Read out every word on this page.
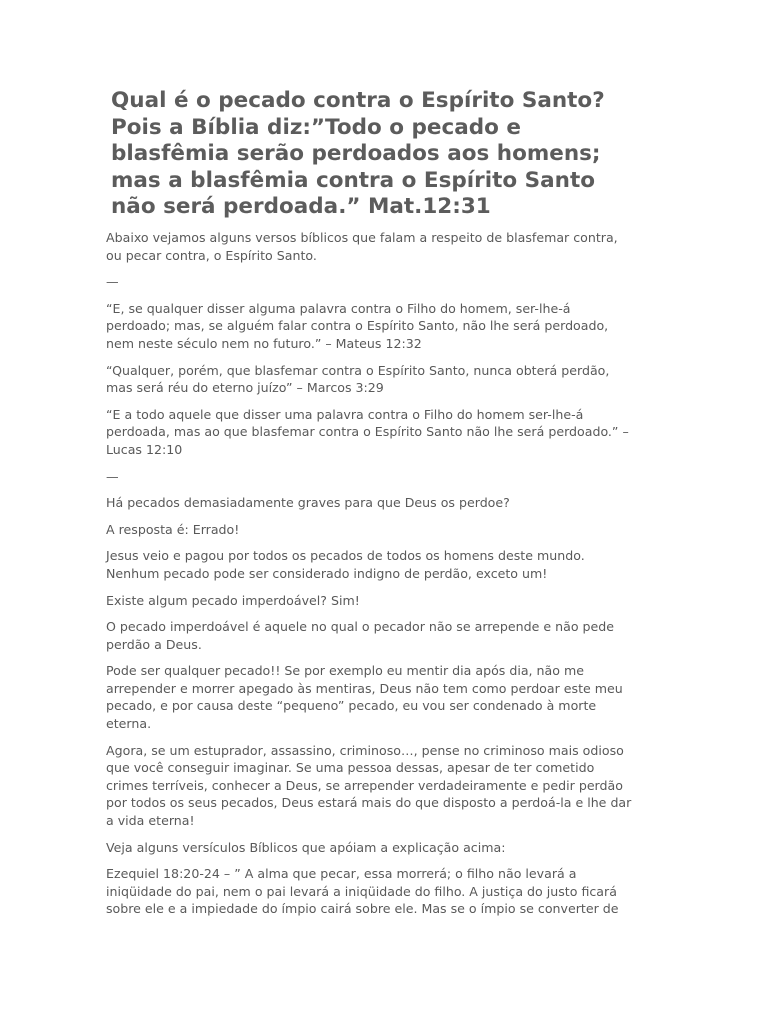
Qual é o pecado contra o Espírito Santo?
Pois a Bíblia diz:”Todo o pecado e
blasfêmia serão perdoados aos homens;
mas a blasfêmia contra o Espírito Santo
não será perdoada.” Mat.12:31

Abaixo vejamos alguns versos bíblicos que falam a respeito de blasfemar contra,
ou pecar contra, o Espírito Santo.

—

“E, se qualquer disser alguma palavra contra o Filho do homem, ser-lhe-á
perdoado; mas, se alguém falar contra o Espírito Santo, não lhe será perdoado,
nem neste século nem no futuro.” – Mateus 12:32

“Qualquer, porém, que blasfemar contra o Espírito Santo, nunca obterá perdão,
mas será réu do eterno juízo” – Marcos 3:29

“E a todo aquele que disser uma palavra contra o Filho do homem ser-lhe-á
perdoada, mas ao que blasfemar contra o Espírito Santo não lhe será perdoado.” –
Lucas 12:10

—

Há pecados demasiadamente graves para que Deus os perdoe?

A resposta é: Errado!

Jesus veio e pagou por todos os pecados de todos os homens deste mundo.
Nenhum pecado pode ser considerado indigno de perdão, exceto um!

Existe algum pecado imperdoável? Sim!

O pecado imperdoável é aquele no qual o pecador não se arrepende e não pede
perdão a Deus.

Pode ser qualquer pecado!! Se por exemplo eu mentir dia após dia, não me
arrepender e morrer apegado às mentiras, Deus não tem como perdoar este meu
pecado, e por causa deste “pequeno” pecado, eu vou ser condenado à morte
eterna.

Agora, se um estuprador, assassino, criminoso…, pense no criminoso mais odioso
que você conseguir imaginar. Se uma pessoa dessas, apesar de ter cometido
crimes terríveis, conhecer a Deus, se arrepender verdadeiramente e pedir perdão
por todos os seus pecados, Deus estará mais do que disposto a perdoá-la e lhe dar
a vida eterna!

Veja alguns versículos Bíblicos que apóiam a explicação acima:

Ezequiel 18:20-24 – ” A alma que pecar, essa morrerá; o filho não levará a
iniqüidade do pai, nem o pai levará a iniqüidade do filho. A justiça do justo ficará
sobre ele e a impiedade do ímpio cairá sobre ele. Mas se o ímpio se converter de
